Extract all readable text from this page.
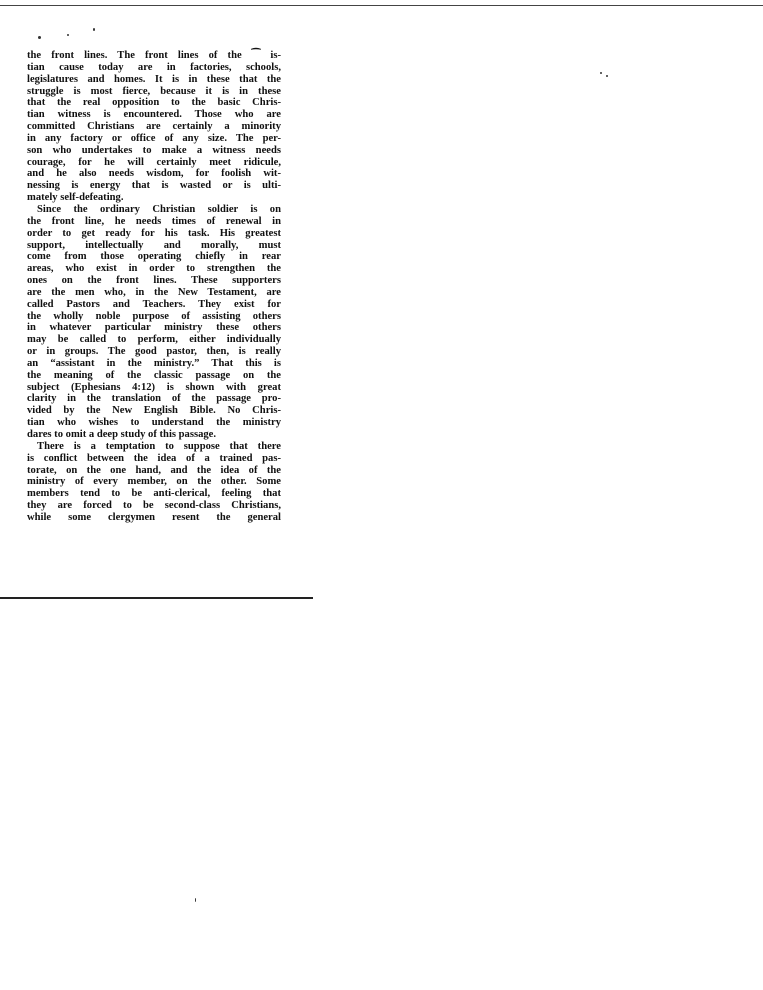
the front lines. The front lines of the ⁀ is-
tian cause today are in factories, schools,
legislatures and homes. It is in these that the
struggle is most fierce, because it is in these
that the real opposition to the basic Chris-
tian witness is encountered. Those who are
committed Christians are certainly a minority
in any factory or office of any size. The per-
son who undertakes to make a witness needs
courage, for he will certainly meet ridicule,
and he also needs wisdom, for foolish wit-
nessing is energy that is wasted or is ulti-
mately self-defeating.
Since the ordinary Christian soldier is on
the front line, he needs times of renewal in
order to get ready for his task. His greatest
support, intellectually and morally, must
come from those operating chiefly in rear
areas, who exist in order to strengthen the
ones on the front lines. These supporters
are the men who, in the New Testament, are
called Pastors and Teachers. They exist for
the wholly noble purpose of assisting others
in whatever particular ministry these others
may be called to perform, either individually
or in groups. The good pastor, then, is really
an “assistant in the ministry.” That this is
the meaning of the classic passage on the
subject (Ephesians 4:12) is shown with great
clarity in the translation of the passage pro-
vided by the New English Bible. No Chris-
tian who wishes to understand the ministry
dares to omit a deep study of this passage.
There is a temptation to suppose that there
is conflict between the idea of a trained pas-
torate, on the one hand, and the idea of the
ministry of every member, on the other. Some
members tend to be anti-clerical, feeling that
they are forced to be second-class Christians,
while some clergymen resent the general
